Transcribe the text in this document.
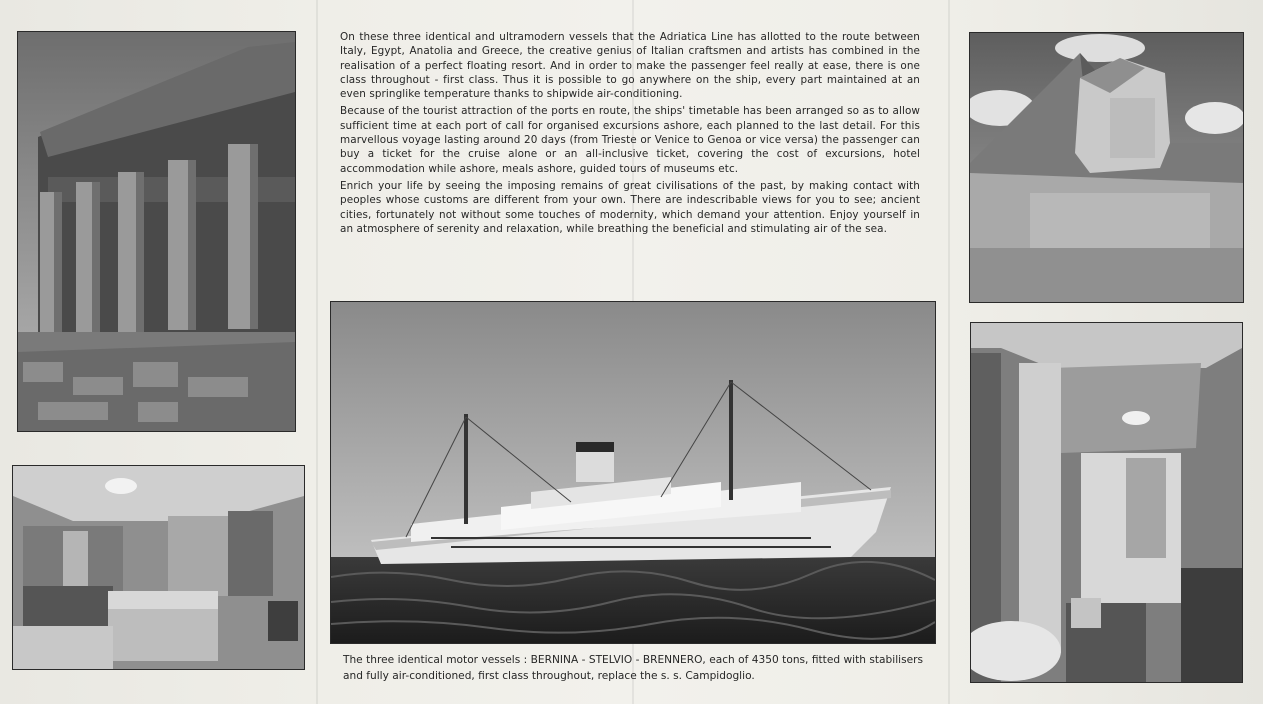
On these three identical and ultramodern vessels that the Adriatica Line has allotted to the route between Italy, Egypt, Anatolia and Greece, the creative genius of Italian craftsmen and artists has combined in the realisation of a perfect floating resort. And in order to make the passenger feel really at ease, there is one class throughout - first class. Thus it is possible to go anywhere on the ship, every part maintained at an even springlike temperature thanks to shipwide air-conditioning.

Because of the tourist attraction of the ports en route, the ships' timetable has been arranged so as to allow sufficient time at each port of call for organised excursions ashore, each planned to the last detail. For this marvellous voyage lasting around 20 days (from Trieste or Venice to Genoa or vice versa) the passenger can buy a ticket for the cruise alone or an all-inclusive ticket, covering the cost of excursions, hotel accommodation while ashore, meals ashore, guided tours of museums etc.

Enrich your life by seeing the imposing remains of great civilisations of the past, by making contact with peoples whose customs are different from your own. There are indescribable views for you to see; ancient cities, fortunately not without some touches of modernity, which demand your attention. Enjoy yourself in an atmosphere of serenity and relaxation, while breathing the beneficial and stimulating air of the sea.

The three identical motor vessels : BERNINA - STELVIO - BRENNERO, each of 4350 tons, fitted with stabilisers and fully air-conditioned, first class throughout, replace the s. s. Campidoglio.
